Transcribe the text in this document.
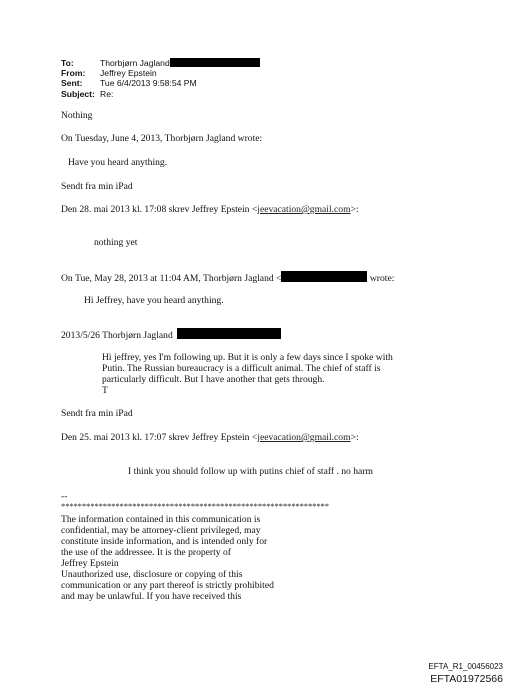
To:	Thorbjørn Jagland
From:	Jeffrey Epstein
Sent:	Tue 6/4/2013 9:58:54 PM
Subject: Re:
Nothing
On Tuesday, June 4, 2013, Thorbjørn Jagland wrote:
Have you heard anything.
Sendt fra min iPad
Den 28. mai 2013 kl. 17:08 skrev Jeffrey Epstein <jeevacation@gmail.com>:
nothing yet
On Tue, May 28, 2013 at 11:04 AM, Thorbjørn Jagland <	wrote:
Hi Jeffrey, have you heard anything.
2013/5/26 Thorbjørn Jagland
Hi jeffrey, yes I'm following up. But it is only a few days since I spoke with
Putin. The Russian bureaucracy is a difficult animal. The chief of staff is
particularly difficult. But I have another that gets through.
T
Sendt fra min iPad
Den 25. mai 2013 kl. 17:07 skrev Jeffrey Epstein <jeevacation@gmail.com>:
I think you should follow up with putins chief of staff . no harm
--
****************************************************************
The information contained in this communication is
confidential, may be attorney-client privileged, may
constitute inside information, and is intended only for
the use of the addressee. It is the property of
Jeffrey Epstein
Unauthorized use, disclosure or copying of this
communication or any part thereof is strictly prohibited
and may be unlawful. If you have received this
EFTA_R1_00456023
EFTA01972566
